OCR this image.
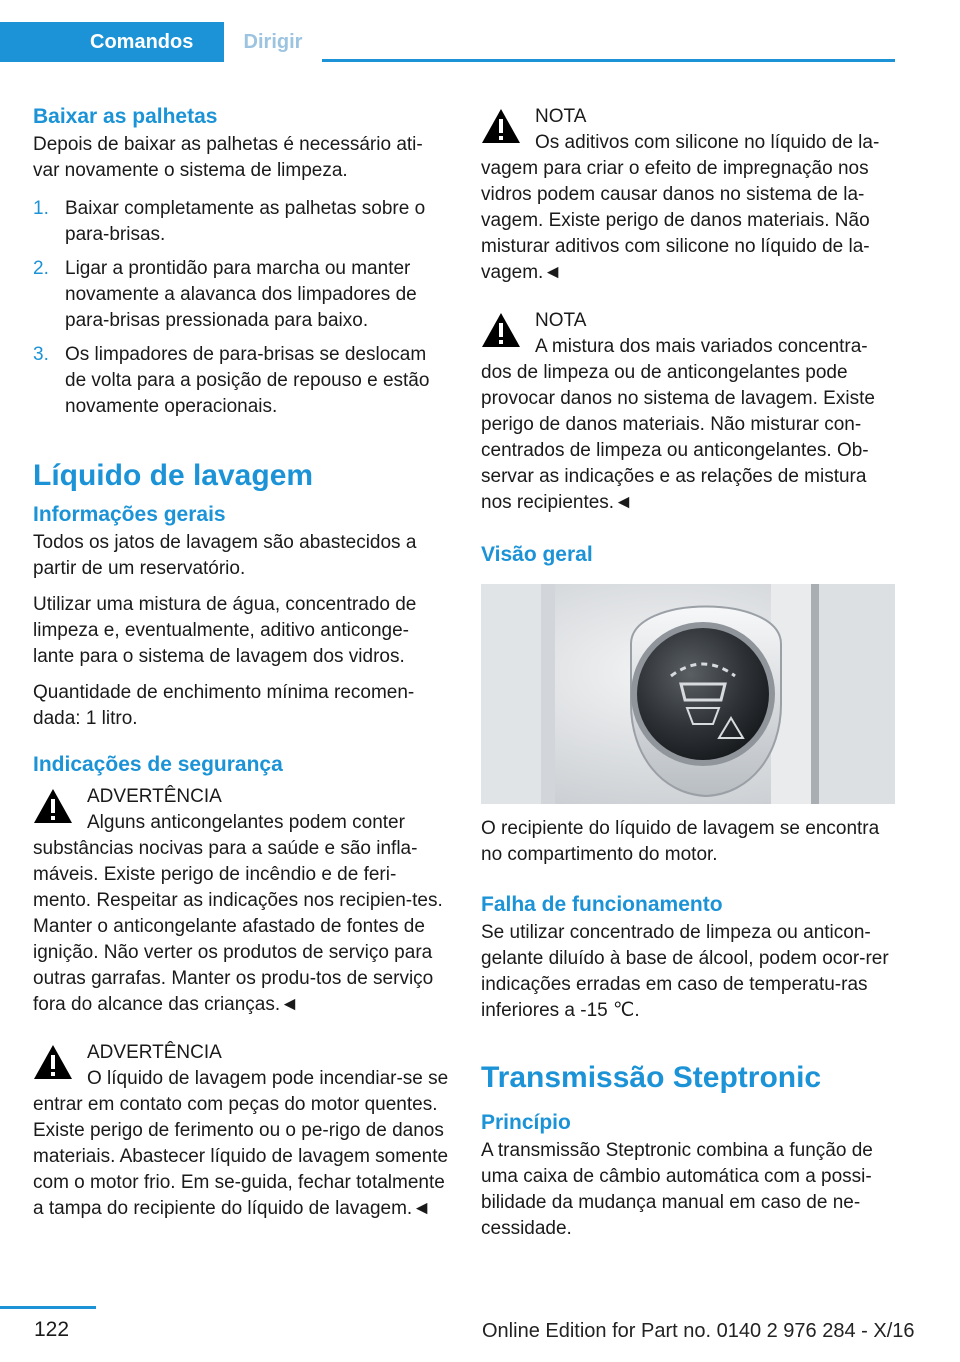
Comandos	Dirigir
Baixar as palhetas

Depois de baixar as palhetas é necessário ati-var novamente o sistema de limpeza.

1. Baixar completamente as palhetas sobre o para-brisas.
2. Ligar a prontidão para marcha ou manter novamente a alavanca dos limpadores de para-brisas pressionada para baixo.
3. Os limpadores de para-brisas se deslocam de volta para a posição de repouso e estão novamente operacionais.
Líquido de lavagem
Informações gerais

Todos os jatos de lavagem são abastecidos a partir de um reservatório.

Utilizar uma mistura de água, concentrado de limpeza e, eventualmente, aditivo anticonge-lante para o sistema de lavagem dos vidros.

Quantidade de enchimento mínima recomen-dada: 1 litro.

Indicações de segurança
ADVERTÊNCIA

Alguns anticongelantes podem conter substâncias nocivas para a saúde e são infla-máveis. Existe perigo de incêndio e de feri-mento. Respeitar as indicações nos recipien-tes. Manter o anticongelante afastado de fontes de ignição. Não verter os produtos de serviço para outras garrafas. Manter os produ-tos de serviço fora do alcance das crianças.◄

ADVERTÊNCIA

O líquido de lavagem pode incendiar-se se entrar em contato com peças do motor quentes. Existe perigo de ferimento ou o pe-rigo de danos materiais. Abastecer líquido de lavagem somente com o motor frio. Em se-guida, fechar totalmente a tampa do recipiente do líquido de lavagem.◄

NOTA

Os aditivos com silicone no líquido de la-vagem para criar o efeito de impregnação nos vidros podem causar danos no sistema de la-vagem. Existe perigo de danos materiais. Não misturar aditivos com silicone no líquido de la-vagem.◄

NOTA

A mistura dos mais variados concentra-dos de limpeza ou de anticongelantes pode provocar danos no sistema de lavagem. Existe perigo de danos materiais. Não misturar con-centrados de limpeza ou anticongelantes. Ob-servar as indicações e as relações de mistura nos recipientes.◄

Visão geral

O recipiente do líquido de lavagem se encontra no compartimento do motor.

Falha de funcionamento

Se utilizar concentrado de limpeza ou anticon-gelante diluído à base de álcool, podem ocor-rer indicações erradas em caso de temperatu-ras inferiores a -15 ℃.

Transmissão Steptronic
Princípio

A transmissão Steptronic combina a função de uma caixa de câmbio automática com a possi-bilidade da mudança manual em caso de ne-cessidade.

122	Online Edition for Part no. 0140 2 976 284 - X/16
